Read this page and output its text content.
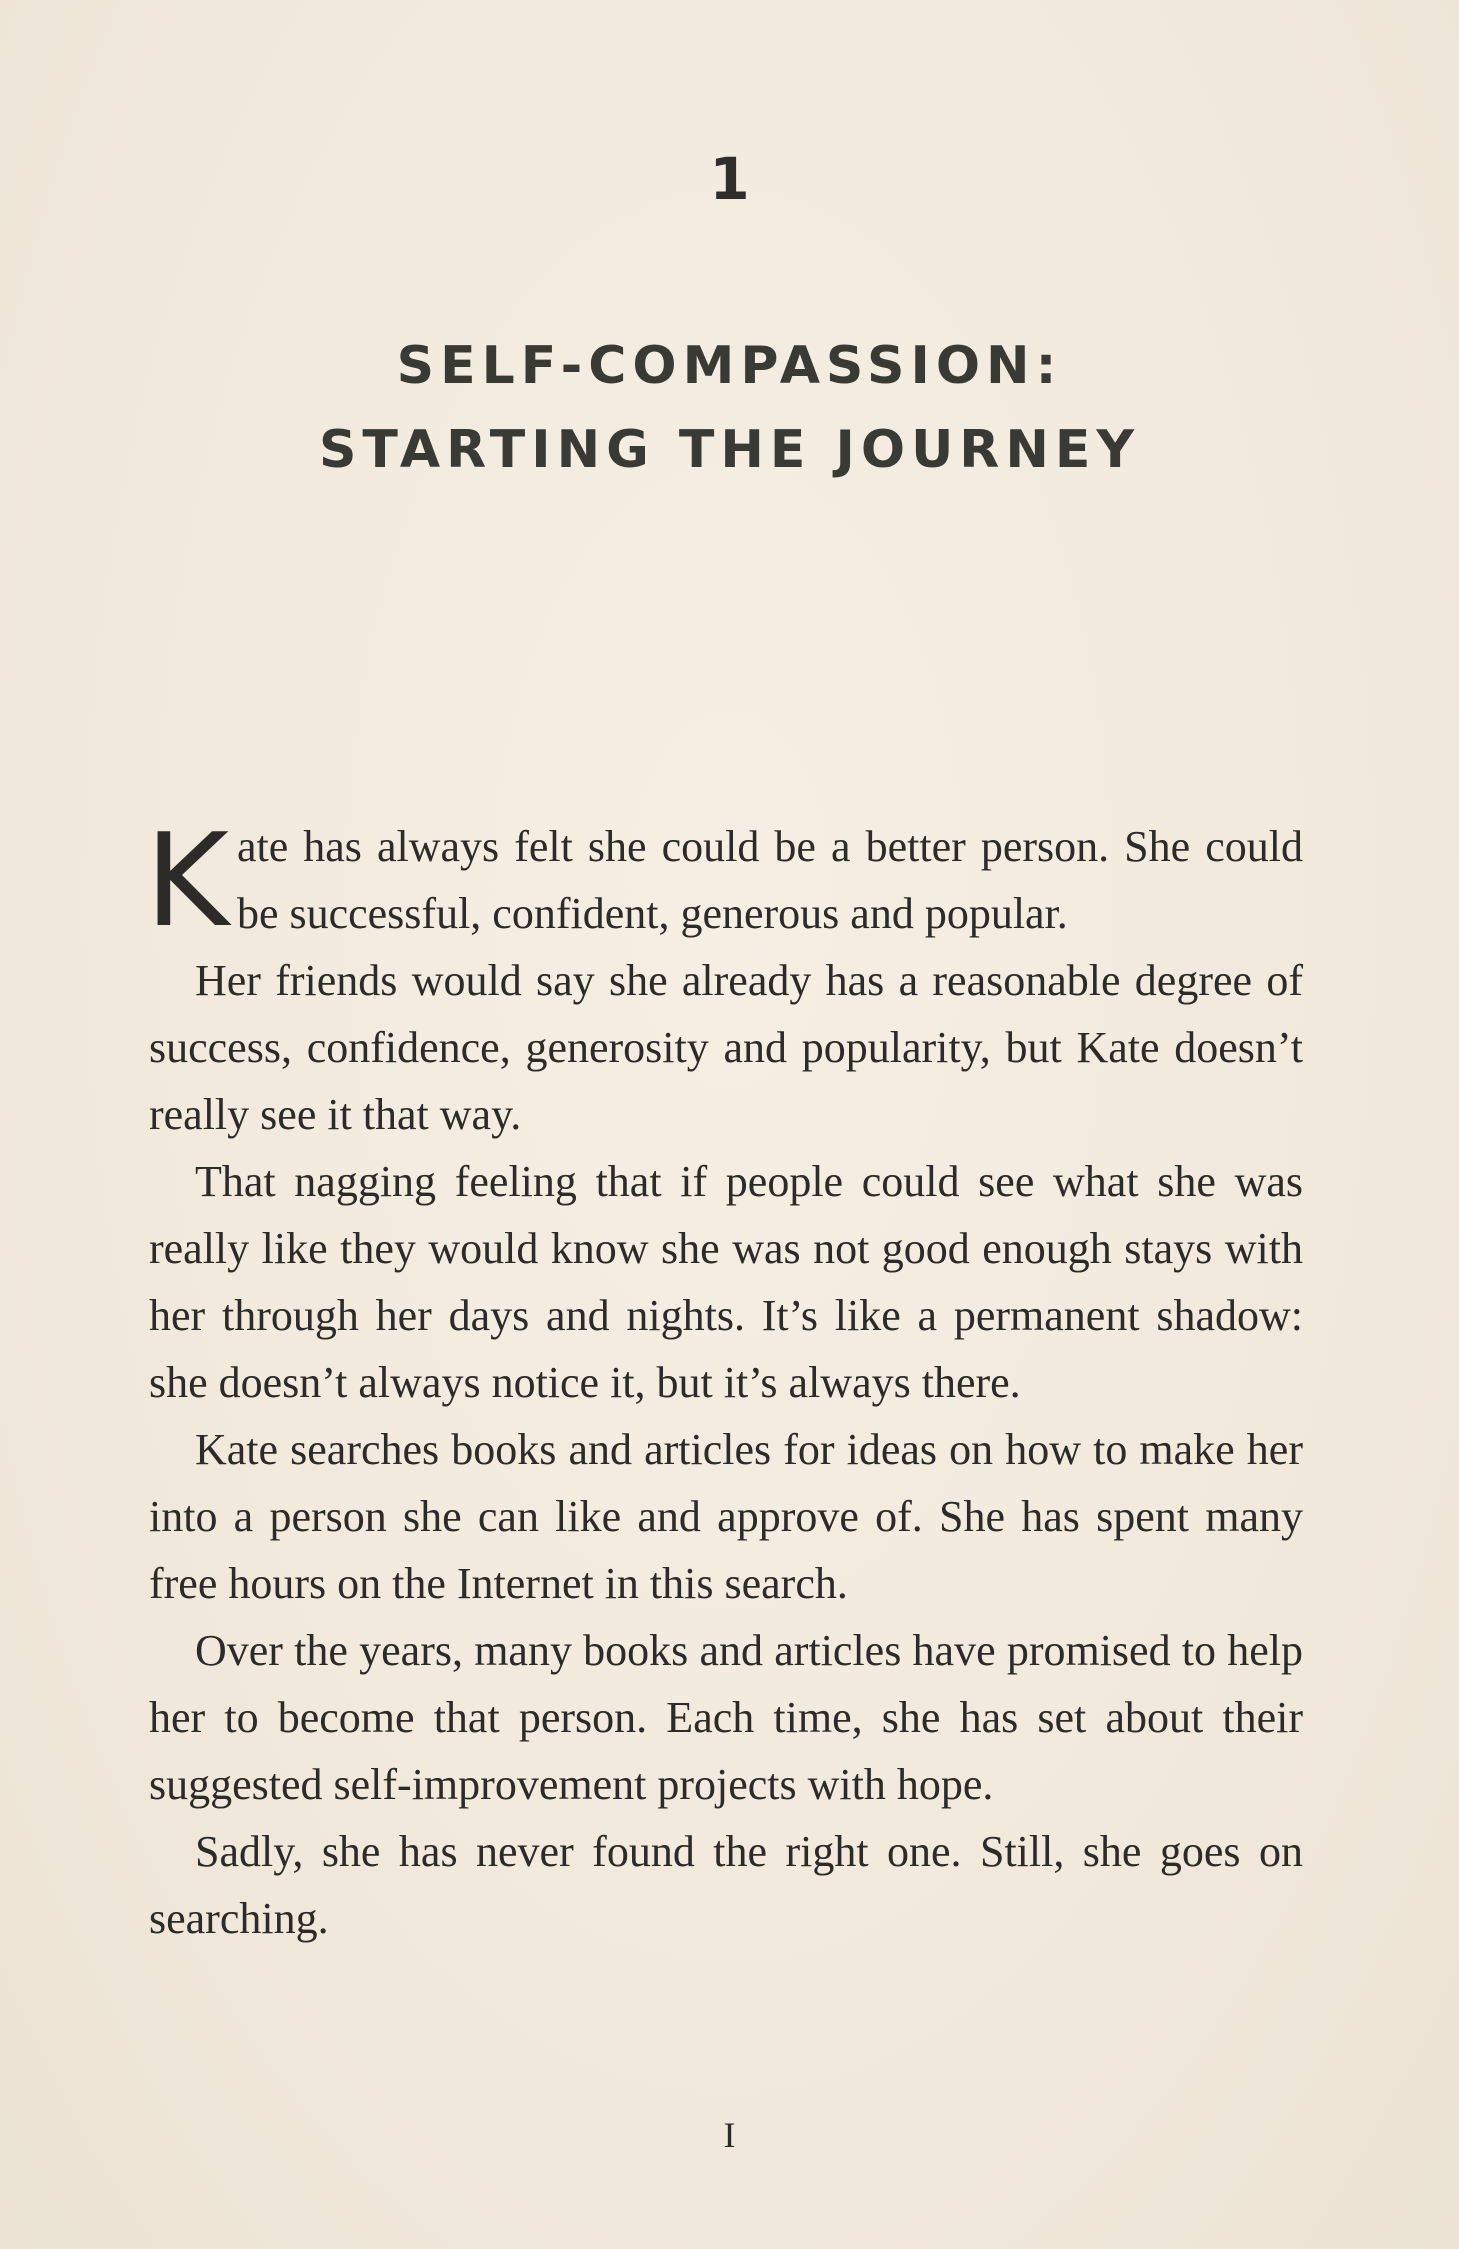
1
SELF-COMPASSION:
STARTING THE JOURNEY

Kate has always felt she could be a better person. She could be successful, confident, generous and popular.

Her friends would say she already has a reasonable degree of success, confidence, generosity and popularity, but Kate doesn’t really see it that way.

That nagging feeling that if people could see what she was really like they would know she was not good enough stays with her through her days and nights. It’s like a permanent shadow: she doesn’t always notice it, but it’s always there.

Kate searches books and articles for ideas on how to make her into a person she can like and approve of. She has spent many free hours on the Internet in this search.

Over the years, many books and articles have promised to help her to become that person. Each time, she has set about their suggested self-improvement projects with hope.

Sadly, she has never found the right one. Still, she goes on searching.

I
